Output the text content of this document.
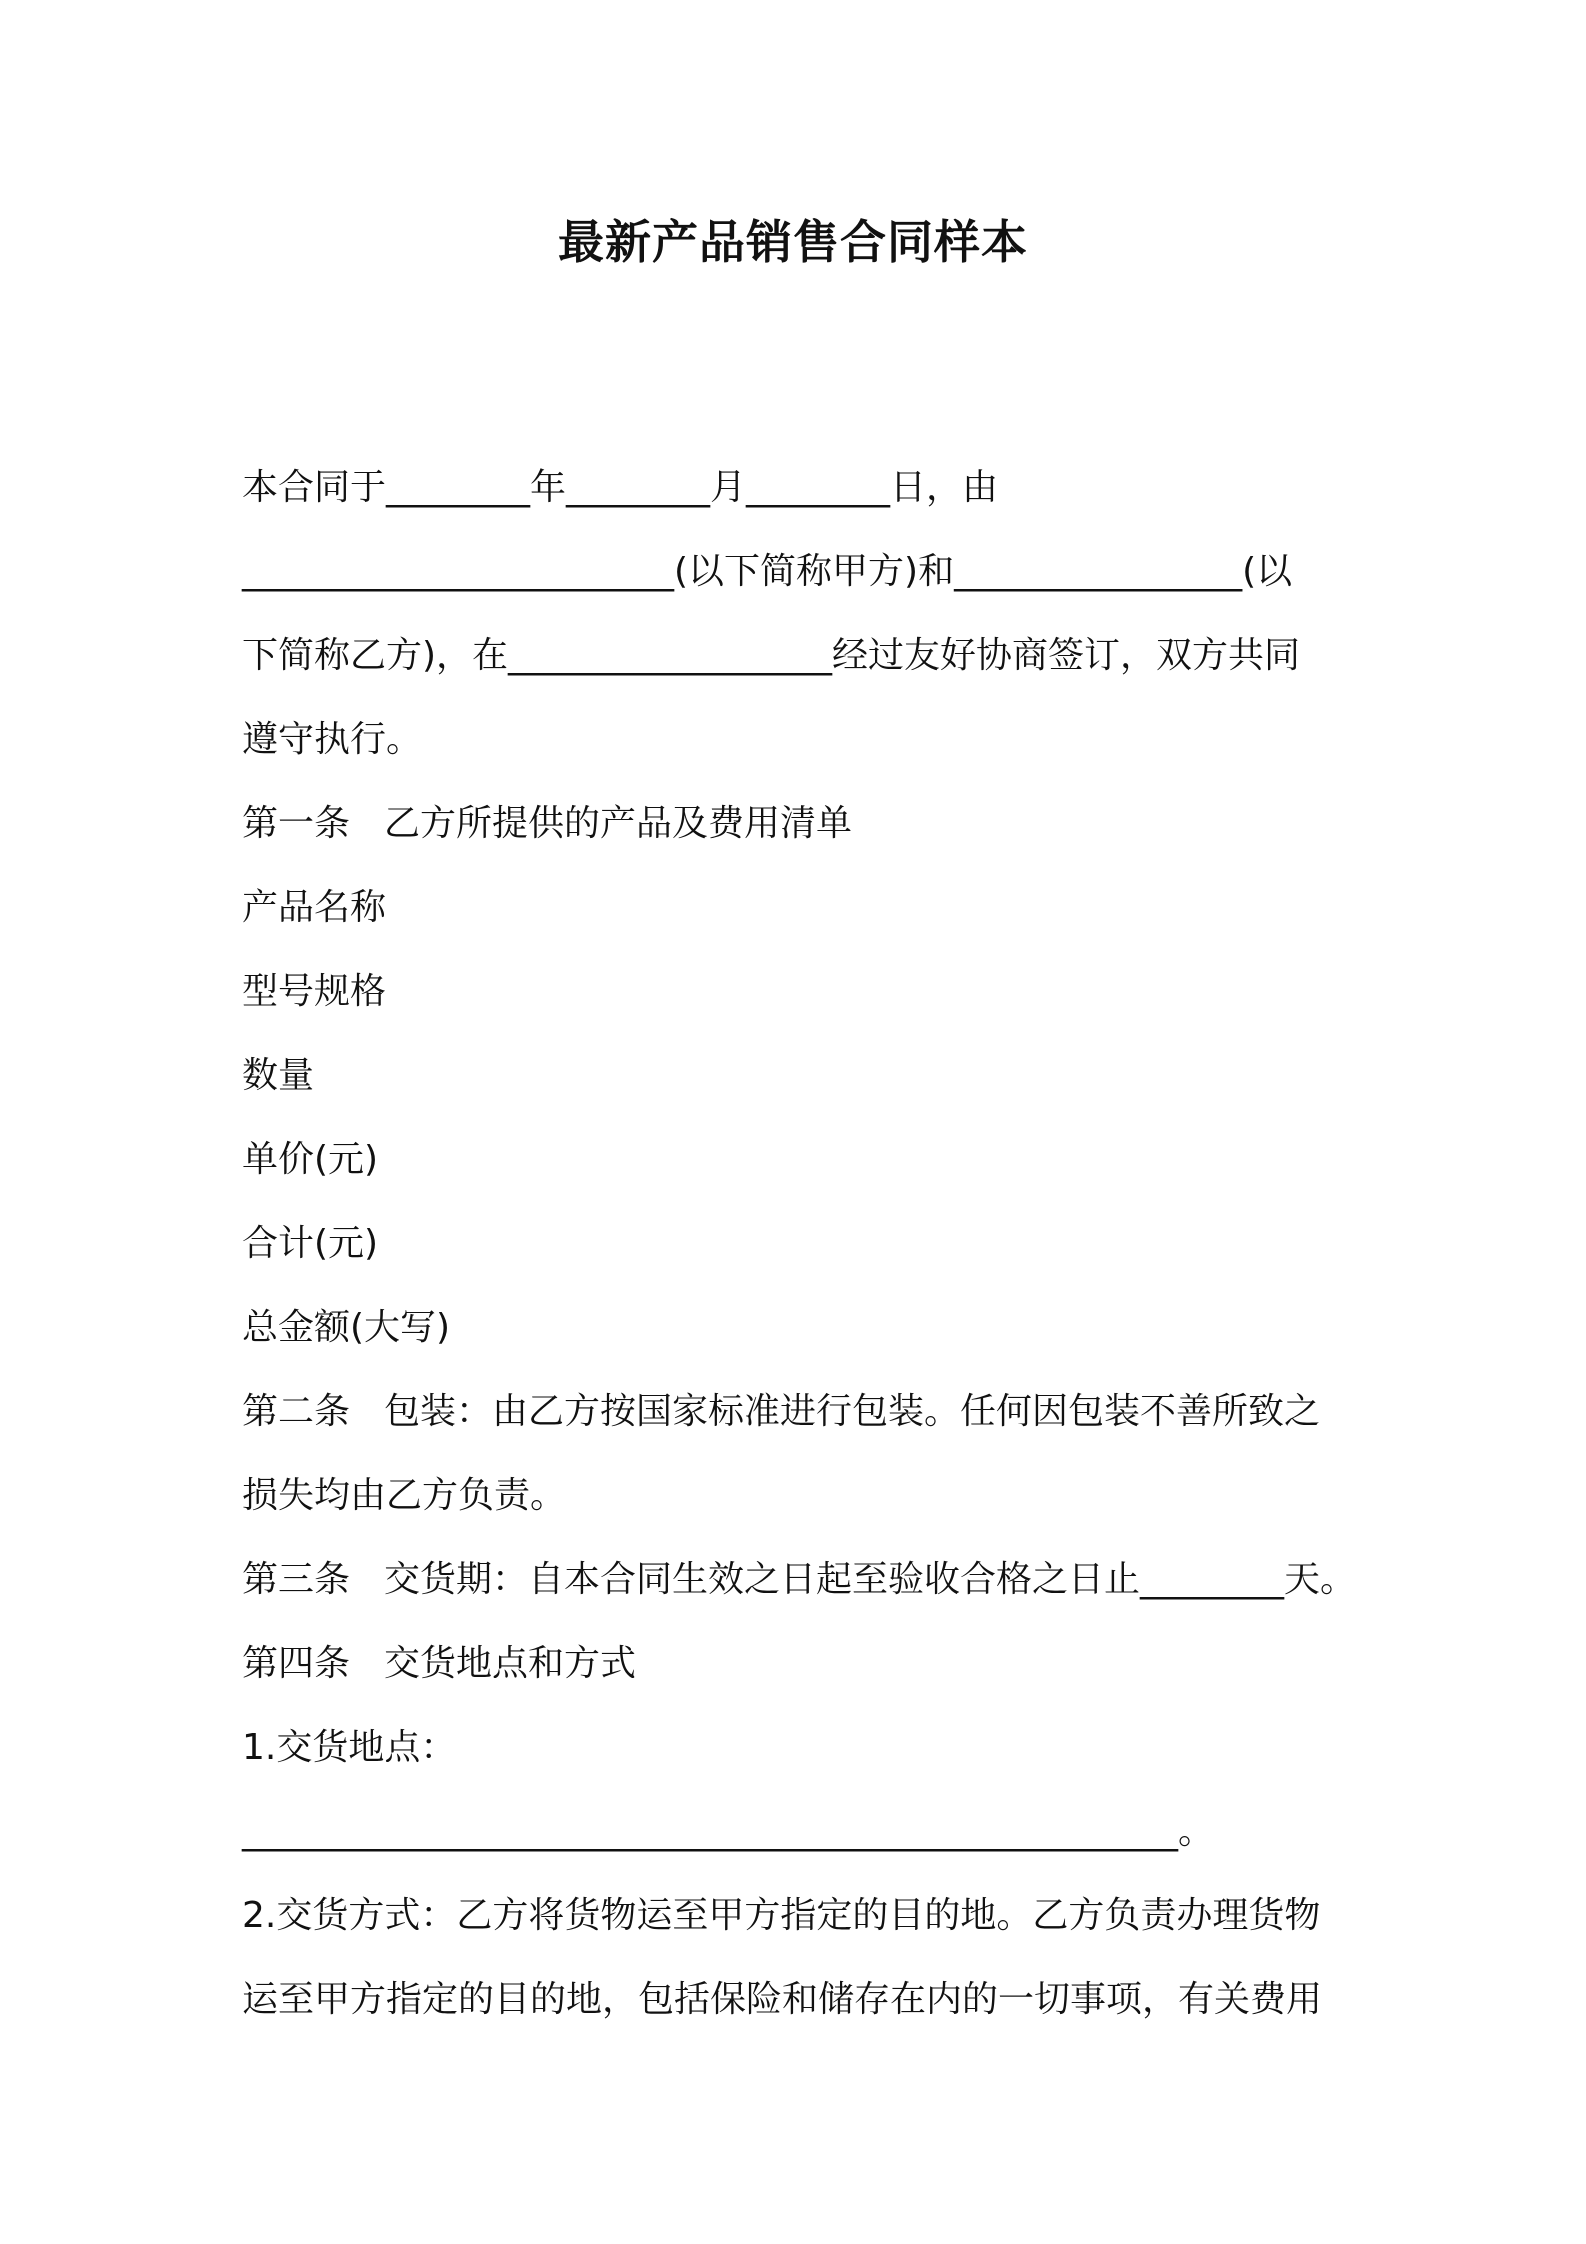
最新产品销售合同样本
本合同于________年________月________日，由
________________________(以下简称甲方)和________________(以
下简称乙方)，在__________________经过友好协商签订，双方共同
遵守执行。
第一条 乙方所提供的产品及费用清单
产品名称
型号规格
数量
单价(元)
合计(元)
总金额(大写)
第二条 包装：由乙方按国家标准进行包装。任何因包装不善所致之
损失均由乙方负责。
第三条 交货期：自本合同生效之日起至验收合格之日止________天。
第四条 交货地点和方式
1.交货地点：
____________________________________________________。
2.交货方式：乙方将货物运至甲方指定的目的地。乙方负责办理货物
运至甲方指定的目的地，包括保险和储存在内的一切事项，有关费用
